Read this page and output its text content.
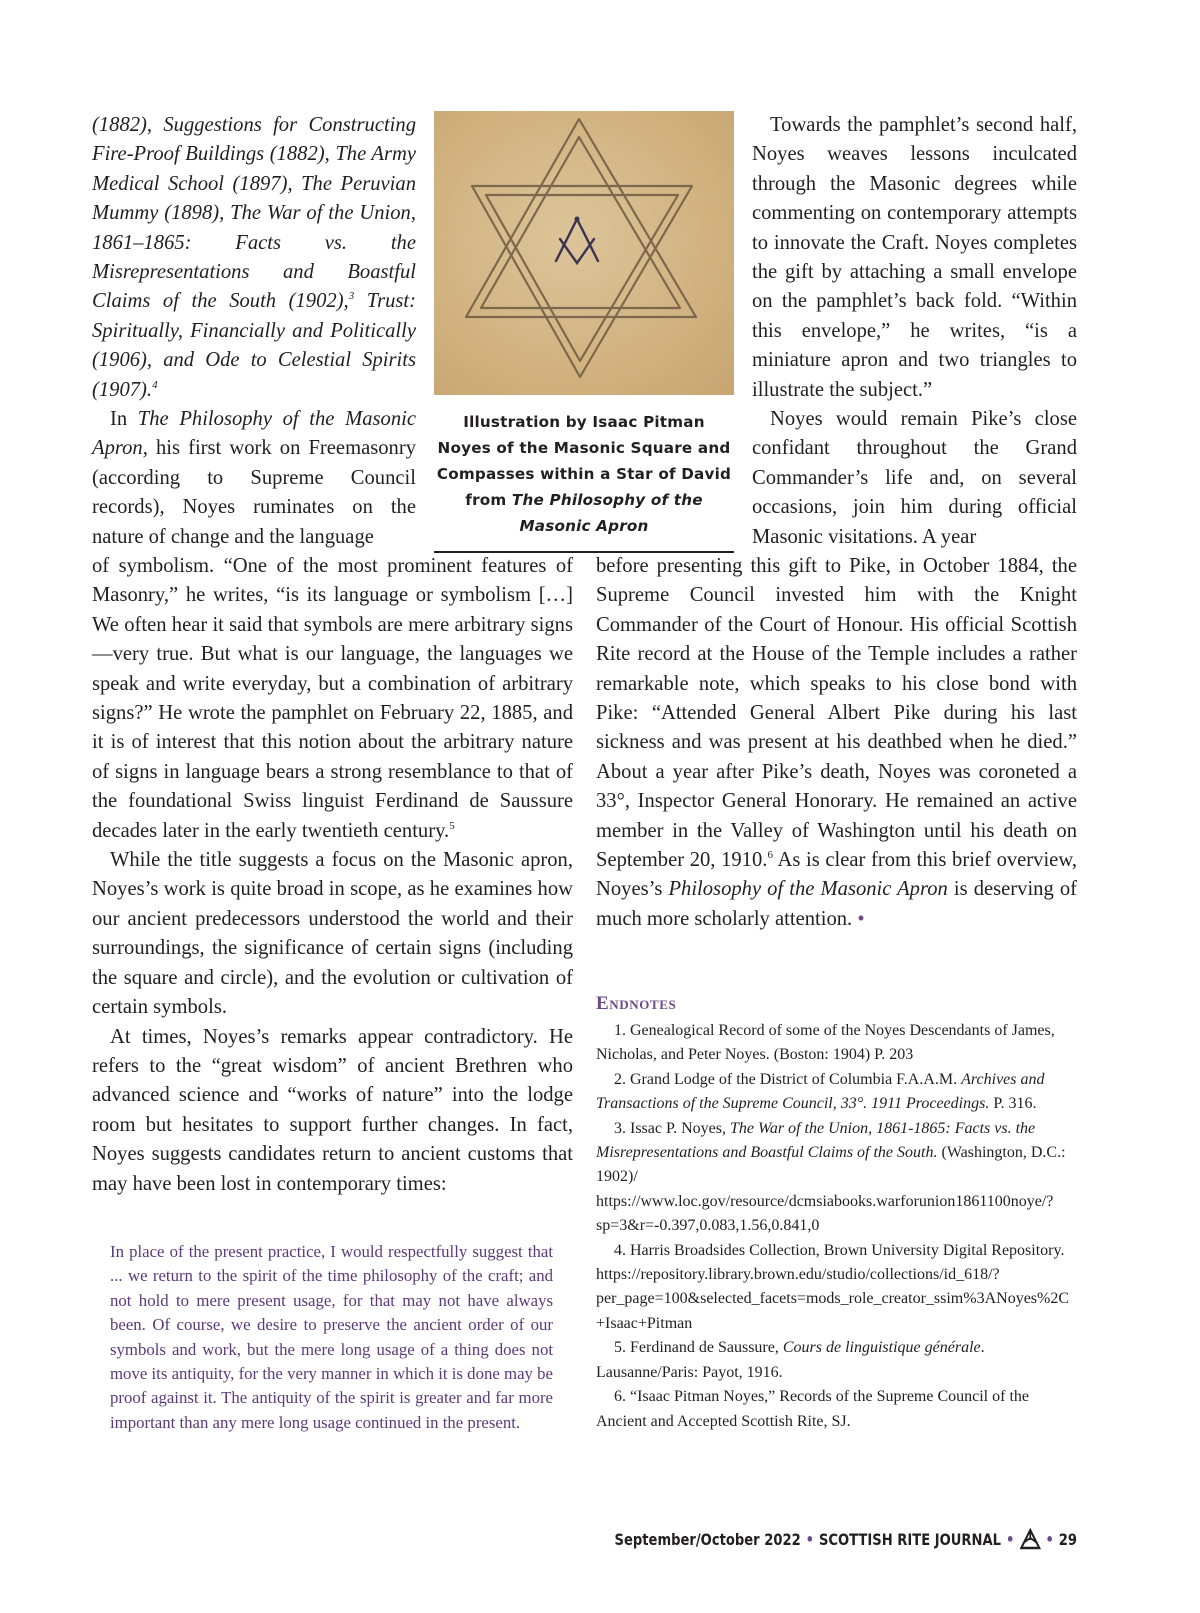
(1882), Suggestions for Constructing Fire-Proof Buildings (1882), The Army Medical School (1897), The Peruvian Mummy (1898), The War of the Union, 1861–1865: Facts vs. the Misrepresentations and Boastful Claims of the South (1902),$^3$ Trust: Spiritually, Financially and Politically (1906), and Ode to Celestial Spirits (1907).$^4$

In The Philosophy of the Masonic Apron, his first work on Freemasonry (according to Supreme Council records), Noyes ruminates on the nature of change and the language

Illustration by Isaac Pitman Noyes of the Masonic Square and Compasses within a Star of David from The Philosophy of the Masonic Apron

Towards the pamphlet’s second half, Noyes weaves lessons inculcated through the Masonic degrees while commenting on contemporary attempts to innovate the Craft. Noyes completes the gift by attaching a small envelope on the pamphlet’s back fold. “Within this envelope,” he writes, “is a miniature apron and two triangles to illustrate the subject.”

Noyes would remain Pike’s close confidant throughout the Grand Commander’s life and, on several occasions, join him during official Masonic visitations. A year

of symbolism. “One of the most prominent features of Masonry,” he writes, “is its language or symbolism […] We often hear it said that symbols are mere arbitrary signs—very true. But what is our language, the languages we speak and write everyday, but a combination of arbitrary signs?” He wrote the pamphlet on February 22, 1885, and it is of interest that this notion about the arbitrary nature of signs in language bears a strong resemblance to that of the foundational Swiss linguist Ferdinand de Saussure decades later in the early twentieth century.$^5$

While the title suggests a focus on the Masonic apron, Noyes’s work is quite broad in scope, as he examines how our ancient predecessors understood the world and their surroundings, the significance of certain signs (including the square and circle), and the evolution or cultivation of certain symbols.

At times, Noyes’s remarks appear contradictory. He refers to the “great wisdom” of ancient Brethren who advanced science and “works of nature” into the lodge room but hesitates to support further changes. In fact, Noyes suggests candidates return to ancient customs that may have been lost in contemporary times:

In place of the present practice, I would respectfully suggest that ... we return to the spirit of the time philosophy of the craft; and not hold to mere present usage, for that may not have always been. Of course, we desire to preserve the ancient order of our symbols and work, but the mere long usage of a thing does not move its antiquity, for the very manner in which it is done may be proof against it. The antiquity of the spirit is greater and far more important than any mere long usage continued in the present.

before presenting this gift to Pike, in October 1884, the Supreme Council invested him with the Knight Commander of the Court of Honour. His official Scottish Rite record at the House of the Temple includes a rather remarkable note, which speaks to his close bond with Pike: “Attended General Albert Pike during his last sickness and was present at his deathbed when he died.” About a year after Pike’s death, Noyes was coroneted a 33°, Inspector General Honorary. He remained an active member in the Valley of Washington until his death on September 20, 1910.$^6$ As is clear from this brief overview, Noyes’s Philosophy of the Masonic Apron is deserving of much more scholarly attention. •

Endnotes
1. Genealogical Record of some of the Noyes Descendants of James, Nicholas, and Peter Noyes. (Boston: 1904) P. 203
2. Grand Lodge of the District of Columbia F.A.A.M. Archives and Transactions of the Supreme Council, 33°. 1911 Proceedings. P. 316.
3. Issac P. Noyes, The War of the Union, 1861-1865: Facts vs. the Misrepresentations and Boastful Claims of the South. (Washington, D.C.: 1902)/ https://www.loc.gov/resource/dcmsiabooks.warforunion1861100noye/?sp=3&r=-0.397,0.083,1.56,0.841,0
4. Harris Broadsides Collection, Brown University Digital Repository. https://repository.library.brown.edu/studio/collections/id_618/?per_page=100&selected_facets=mods_role_creator_ssim%3ANoyes%2C+Isaac+Pitman
5. Ferdinand de Saussure, Cours de linguistique générale. Lausanne/Paris: Payot, 1916.
6. “Isaac Pitman Noyes,” Records of the Supreme Council of the Ancient and Accepted Scottish Rite, SJ.
September/October 2022 • SCOTTISH RITE JOURNAL • • 29
